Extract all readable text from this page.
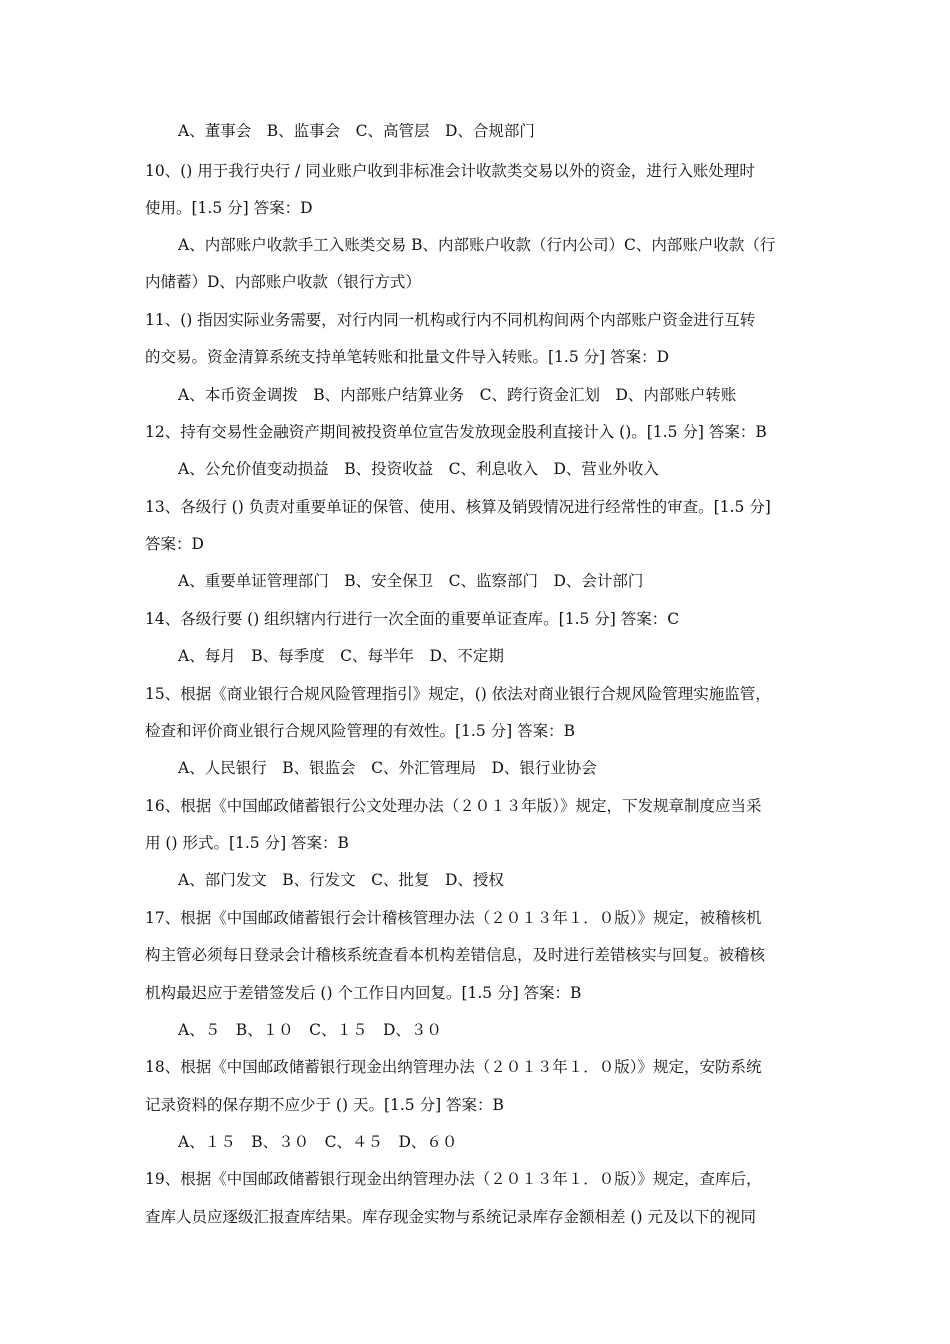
A、董事会　B、监事会　C、高管层　D、合规部门
10、() 用于我行央行 / 同业账户收到非标准会计收款类交易以外的资金，进行入账处理时
使用。[1.5 分] 答案：D
A、内部账户收款手工入账类交易 B、内部账户收款（行内公司）C、内部账户收款（行
内储蓄）D、内部账户收款（银行方式）
11、() 指因实际业务需要，对行内同一机构或行内不同机构间两个内部账户资金进行互转
的交易。资金清算系统支持单笔转账和批量文件导入转账。[1.5 分] 答案：D
A、本币资金调拨　B、内部账户结算业务　C、跨行资金汇划　D、内部账户转账
12、持有交易性金融资产期间被投资单位宣告发放现金股利直接计入 ()。[1.5 分] 答案：B
A、公允价值变动损益　B、投资收益　C、利息收入　D、营业外收入
13、各级行 () 负责对重要单证的保管、使用、核算及销毁情况进行经常性的审查。[1.5 分]
答案：D
A、重要单证管理部门　B、安全保卫　C、监察部门　D、会计部门
14、各级行要 () 组织辖内行进行一次全面的重要单证查库。[1.5 分] 答案：C
A、每月　B、每季度　C、每半年　D、不定期
15、根据《商业银行合规风险管理指引》规定，() 依法对商业银行合规风险管理实施监管，
检查和评价商业银行合规风险管理的有效性。[1.5 分] 答案：B
A、人民银行　B、银监会　C、外汇管理局　D、银行业协会
16、根据《中国邮政储蓄银行公文处理办法（２０１３年版）》规定，下发规章制度应当采
用 () 形式。[1.5 分] 答案：B
A、部门发文　B、行发文　C、批复　D、授权
17、根据《中国邮政储蓄银行会计稽核管理办法（２０１３年１．０版）》规定，被稽核机
构主管必须每日登录会计稽核系统查看本机构差错信息，及时进行差错核实与回复。被稽核
机构最迟应于差错签发后 () 个工作日内回复。[1.5 分] 答案：B
A、５　B、１０　C、１５　D、３０
18、根据《中国邮政储蓄银行现金出纳管理办法（２０１３年１．０版）》规定，安防系统
记录资料的保存期不应少于 () 天。[1.5 分] 答案：B
A、１５　B、３０　C、４５　D、６０
19、根据《中国邮政储蓄银行现金出纳管理办法（２０１３年１．０版）》规定，查库后，
查库人员应逐级汇报查库结果。库存现金实物与系统记录库存金额相差 () 元及以下的视同
